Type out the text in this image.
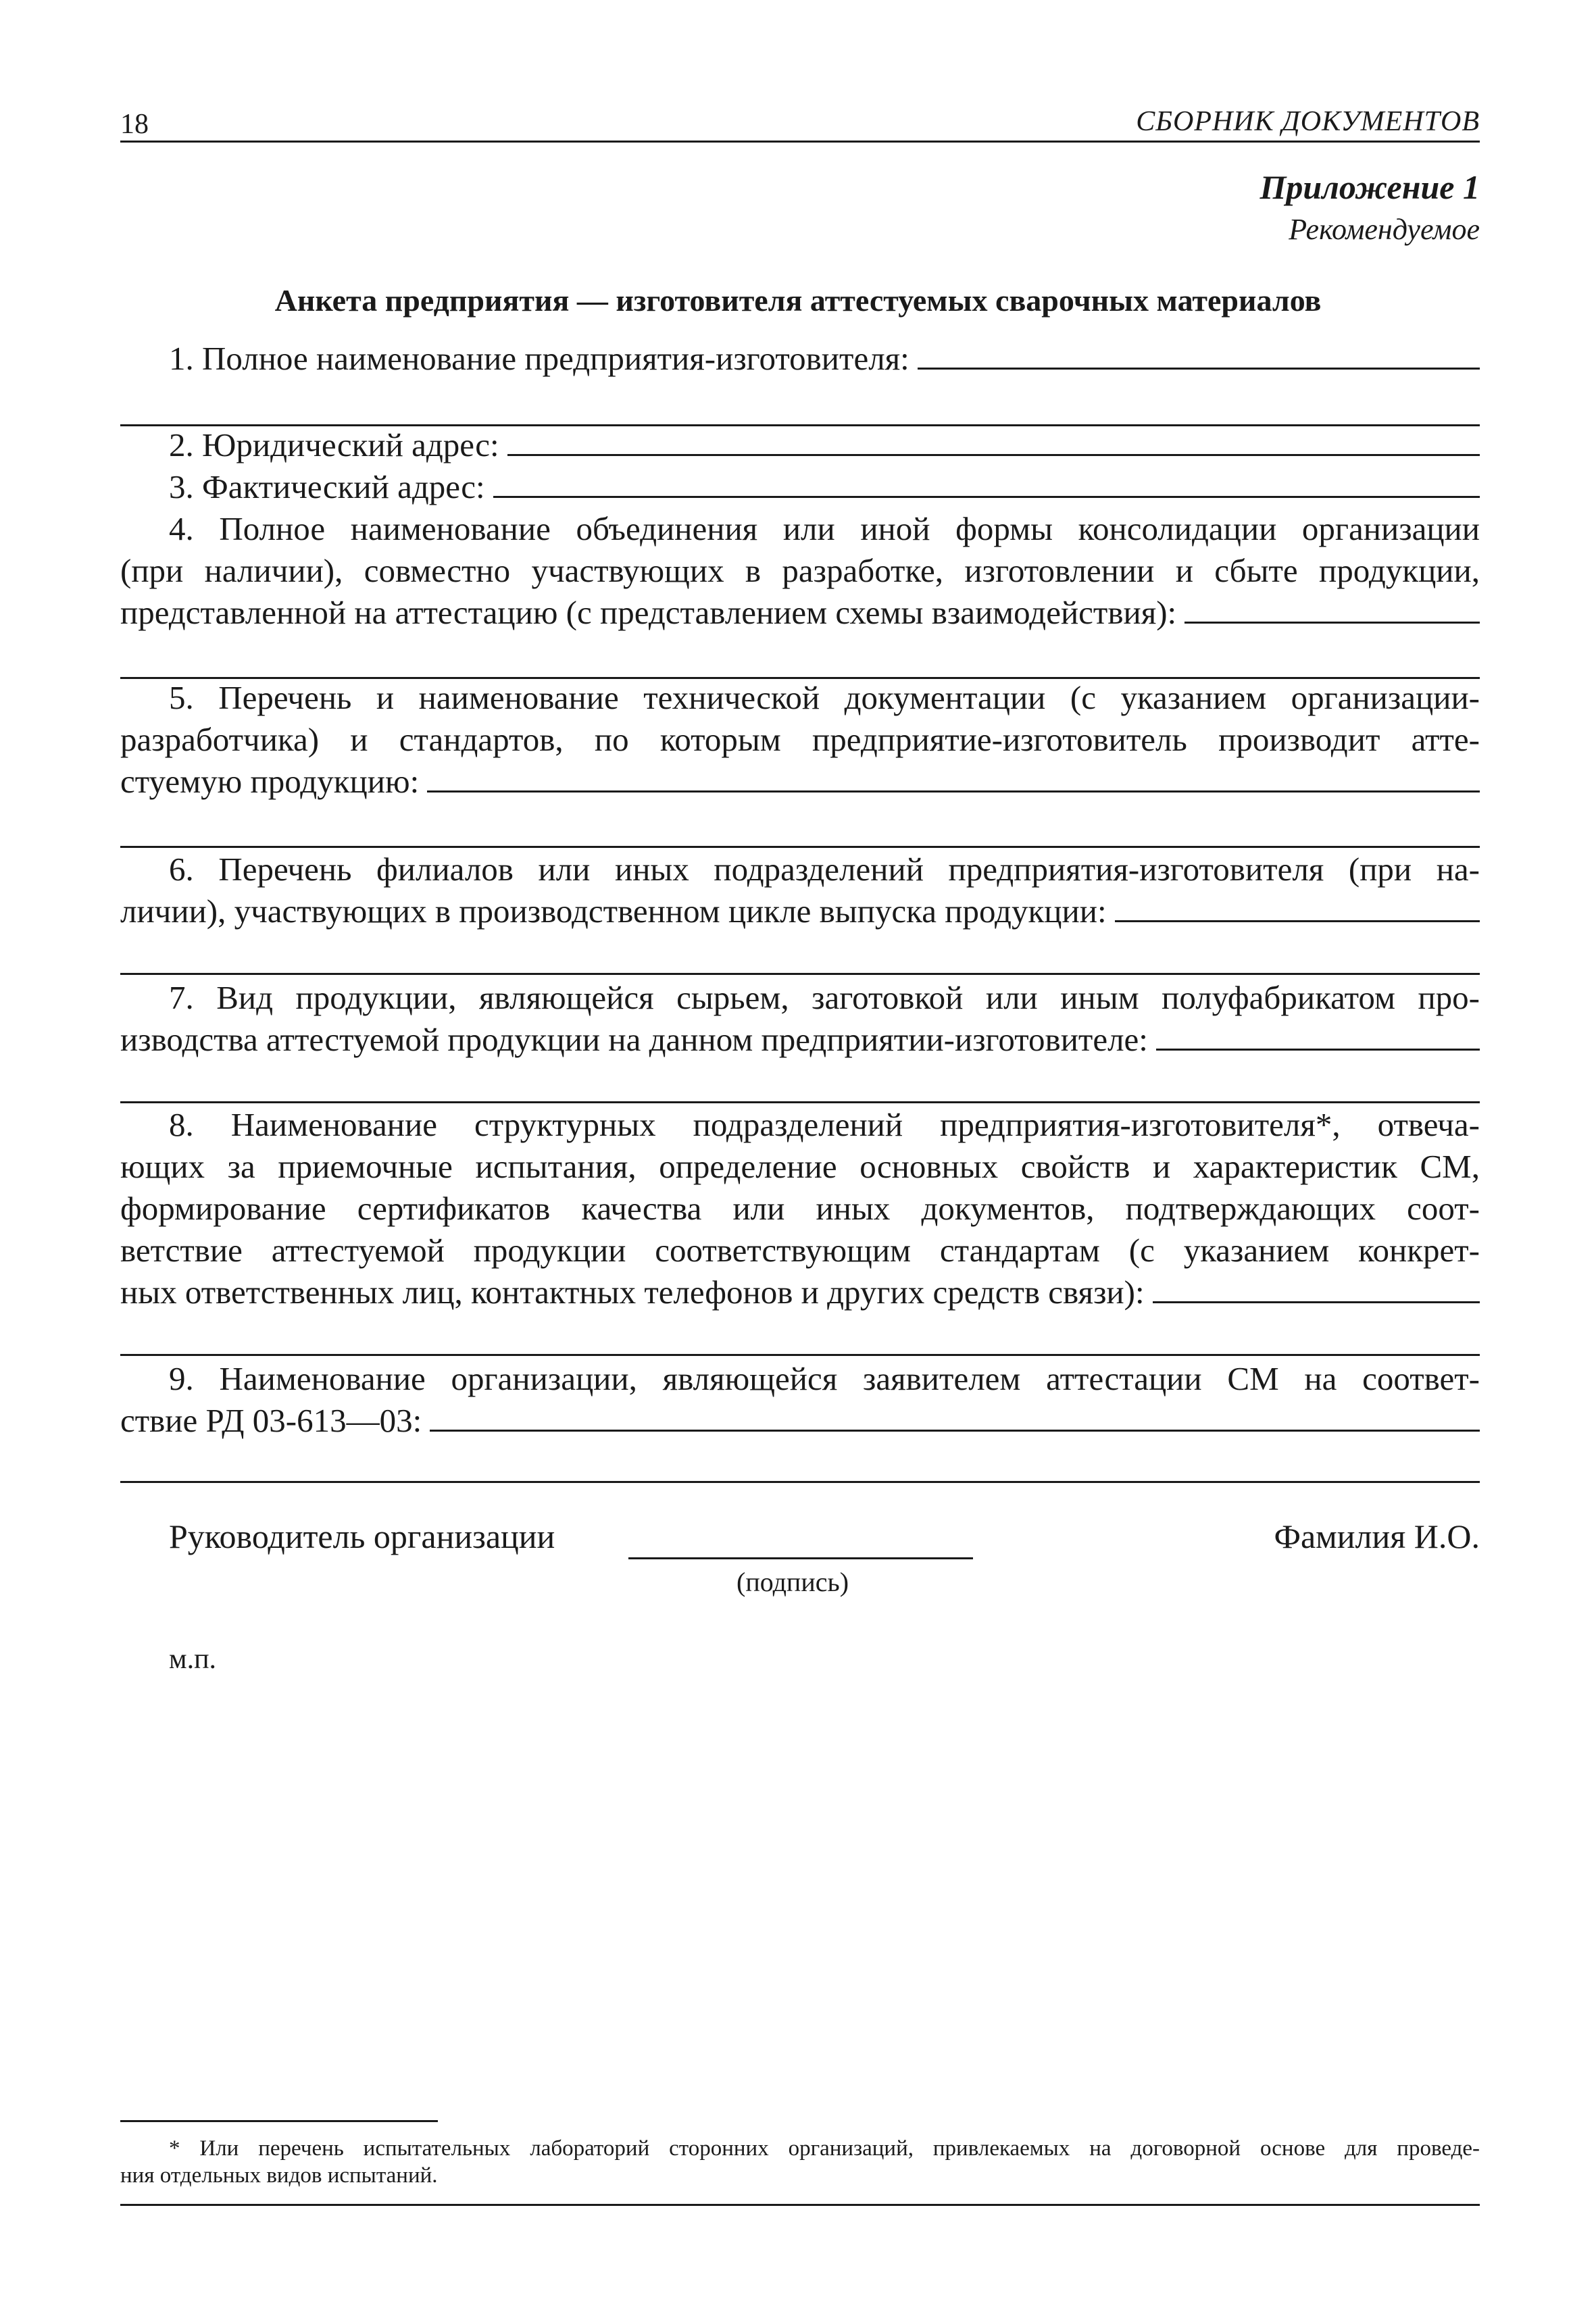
18	СБОРНИК ДОКУМЕНТОВ
Приложение 1
Рекомендуемое
Анкета предприятия — изготовителя аттестуемых сварочных материалов
1. Полное наименование предприятия-изготовителя:
2. Юридический адрес:
3. Фактический адрес:
4. Полное наименование объединения или иной формы консолидации организации
(при наличии), совместно участвующих в разработке, изготовлении и сбыте продукции,
представленной на аттестацию (с представлением схемы взаимодействия):
5. Перечень и наименование технической документации (с указанием организации-
разработчика) и стандартов, по которым предприятие-изготовитель производит атте-
стуемую продукцию:
6. Перечень филиалов или иных подразделений предприятия-изготовителя (при на-
личии), участвующих в производственном цикле выпуска продукции:
7. Вид продукции, являющейся сырьем, заготовкой или иным полуфабрикатом про-
изводства аттестуемой продукции на данном предприятии-изготовителе:
8. Наименование структурных подразделений предприятия-изготовителя*, отвеча-
ющих за приемочные испытания, определение основных свойств и характеристик СМ,
формирование сертификатов качества или иных документов, подтверждающих соот-
ветствие аттестуемой продукции соответствующим стандартам (с указанием конкрет-
ных ответственных лиц, контактных телефонов и других средств связи):
9. Наименование организации, являющейся заявителем аттестации СМ на соответ-
ствие РД 03-613—03:
Руководитель организации
(подпись)
Фамилия И.О.
м.п.
* Или перечень испытательных лабораторий сторонних организаций, привлекаемых на договорной основе для проведе-
ния отдельных видов испытаний.
